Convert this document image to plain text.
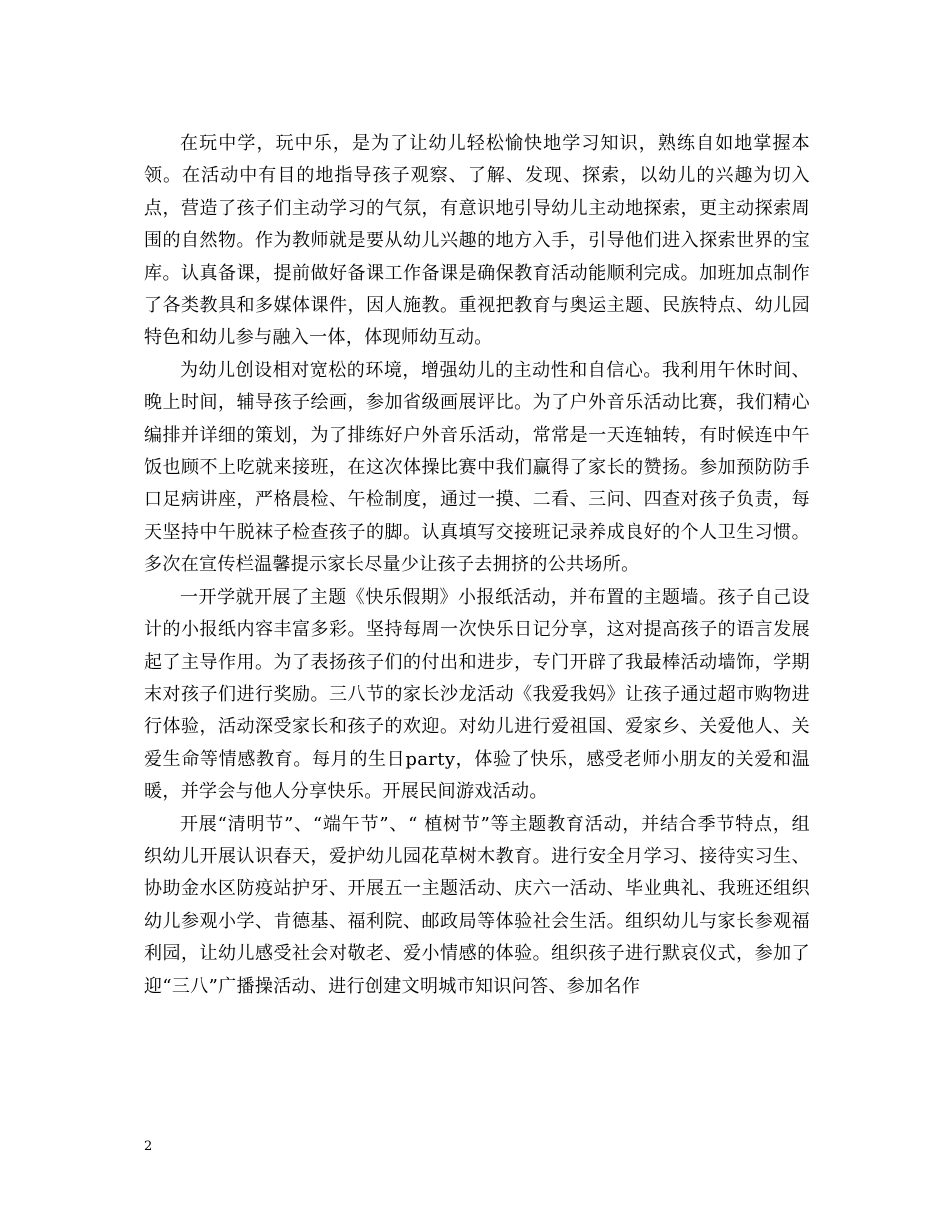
在玩中学，玩中乐，是为了让幼儿轻松愉快地学习知识，熟练自如地掌握本领。在活动中有目的地指导孩子观察、了解、发现、探索，以幼儿的兴趣为切入点，营造了孩子们主动学习的气氛，有意识地引导幼儿主动地探索，更主动探索周围的自然物。作为教师就是要从幼儿兴趣的地方入手，引导他们进入探索世界的宝库。认真备课，提前做好备课工作备课是确保教育活动能顺利完成。加班加点制作了各类教具和多媒体课件，因人施教。重视把教育与奥运主题、民族特点、幼儿园特色和幼儿参与融入一体，体现师幼互动。

为幼儿创设相对宽松的环境，增强幼儿的主动性和自信心。我利用午休时间、晚上时间，辅导孩子绘画，参加省级画展评比。为了户外音乐活动比赛，我们精心编排并详细的策划，为了排练好户外音乐活动，常常是一天连轴转，有时候连中午饭也顾不上吃就来接班，在这次体操比赛中我们赢得了家长的赞扬。参加预防防手口足病讲座，严格晨检、午检制度，通过一摸、二看、三问、四查对孩子负责，每天坚持中午脱袜子检查孩子的脚。认真填写交接班记录养成良好的个人卫生习惯。多次在宣传栏温馨提示家长尽量少让孩子去拥挤的公共场所。

一开学就开展了主题《快乐假期》小报纸活动，并布置的主题墙。孩子自己设计的小报纸内容丰富多彩。坚持每周一次快乐日记分享，这对提高孩子的语言发展起了主导作用。为了表扬孩子们的付出和进步，专门开辟了我最棒活动墙饰，学期末对孩子们进行奖励。三八节的家长沙龙活动《我爱我妈》让孩子通过超市购物进行体验，活动深受家长和孩子的欢迎。对幼儿进行爱祖国、爱家乡、关爱他人、关爱生命等情感教育。每月的生日party，体验了快乐，感受老师小朋友的关爱和温暖，并学会与他人分享快乐。开展民间游戏活动。

开展“清明节”、“端午节”、“ 植树节”等主题教育活动，并结合季节特点，组织幼儿开展认识春天，爱护幼儿园花草树木教育。进行安全月学习、接待实习生、协助金水区防疫站护牙、开展五一主题活动、庆六一活动、毕业典礼、我班还组织幼儿参观小学、肯德基、福利院、邮政局等体验社会生活。组织幼儿与家长参观福利园，让幼儿感受社会对敬老、爱小情感的体验。组织孩子进行默哀仪式，参加了迎“三八”广播操活动、进行创建文明城市知识问答、参加名作

2
